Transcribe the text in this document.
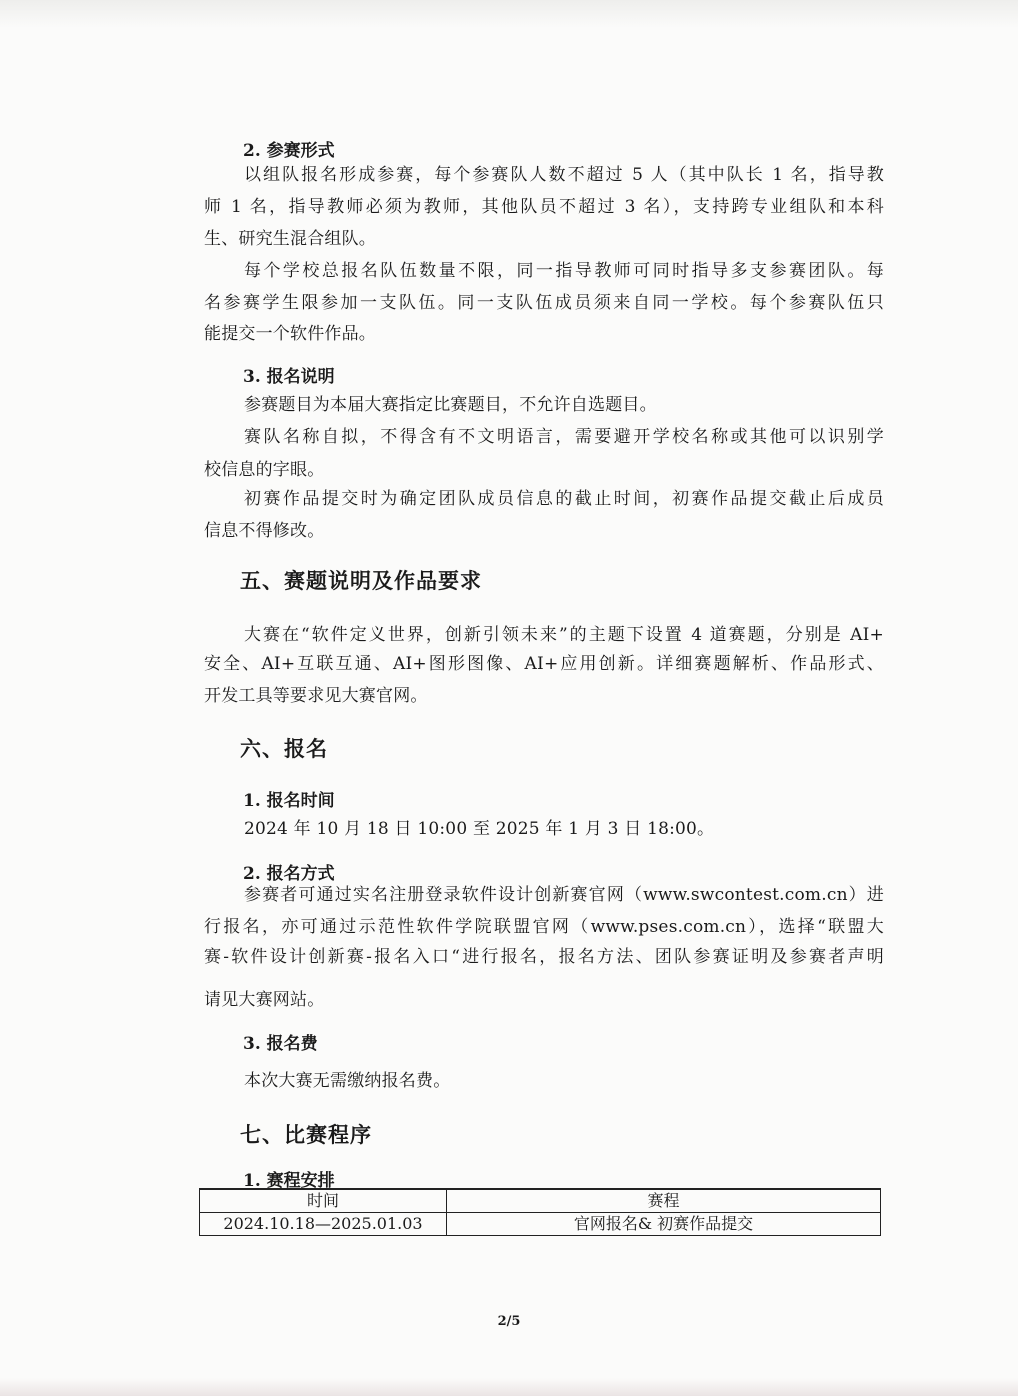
2. 参赛形式
以组队报名形成参赛，每个参赛队人数不超过 5 人（其中队长 1 名，指导教
师 1 名，指导教师必须为教师，其他队员不超过 3 名），支持跨专业组队和本科
生、研究生混合组队。
每个学校总报名队伍数量不限，同一指导教师可同时指导多支参赛团队。每
名参赛学生限参加一支队伍。同一支队伍成员须来自同一学校。每个参赛队伍只
能提交一个软件作品。
3. 报名说明
参赛题目为本届大赛指定比赛题目，不允许自选题目。
赛队名称自拟，不得含有不文明语言，需要避开学校名称或其他可以识别学
校信息的字眼。
初赛作品提交时为确定团队成员信息的截止时间，初赛作品提交截止后成员
信息不得修改。
五、赛题说明及作品要求
大赛在“软件定义世界，创新引领未来”的主题下设置 4 道赛题，分别是 AI+
安全、AI+互联互通、AI+图形图像、AI+应用创新。详细赛题解析、作品形式、
开发工具等要求见大赛官网。
六、报名
1. 报名时间
2024 年 10 月 18 日 10:00 至 2025 年 1 月 3 日 18:00。
2. 报名方式
参赛者可通过实名注册登录软件设计创新赛官网（www.swcontest.com.cn）进
行报名，亦可通过示范性软件学院联盟官网（www.pses.com.cn），选择“联盟大
赛-软件设计创新赛-报名入口“进行报名，报名方法、团队参赛证明及参赛者声明
请见大赛网站。
3. 报名费
本次大赛无需缴纳报名费。
七、比赛程序
1. 赛程安排
时间	赛程
2024.10.18—2025.01.03	官网报名& 初赛作品提交
2/5
